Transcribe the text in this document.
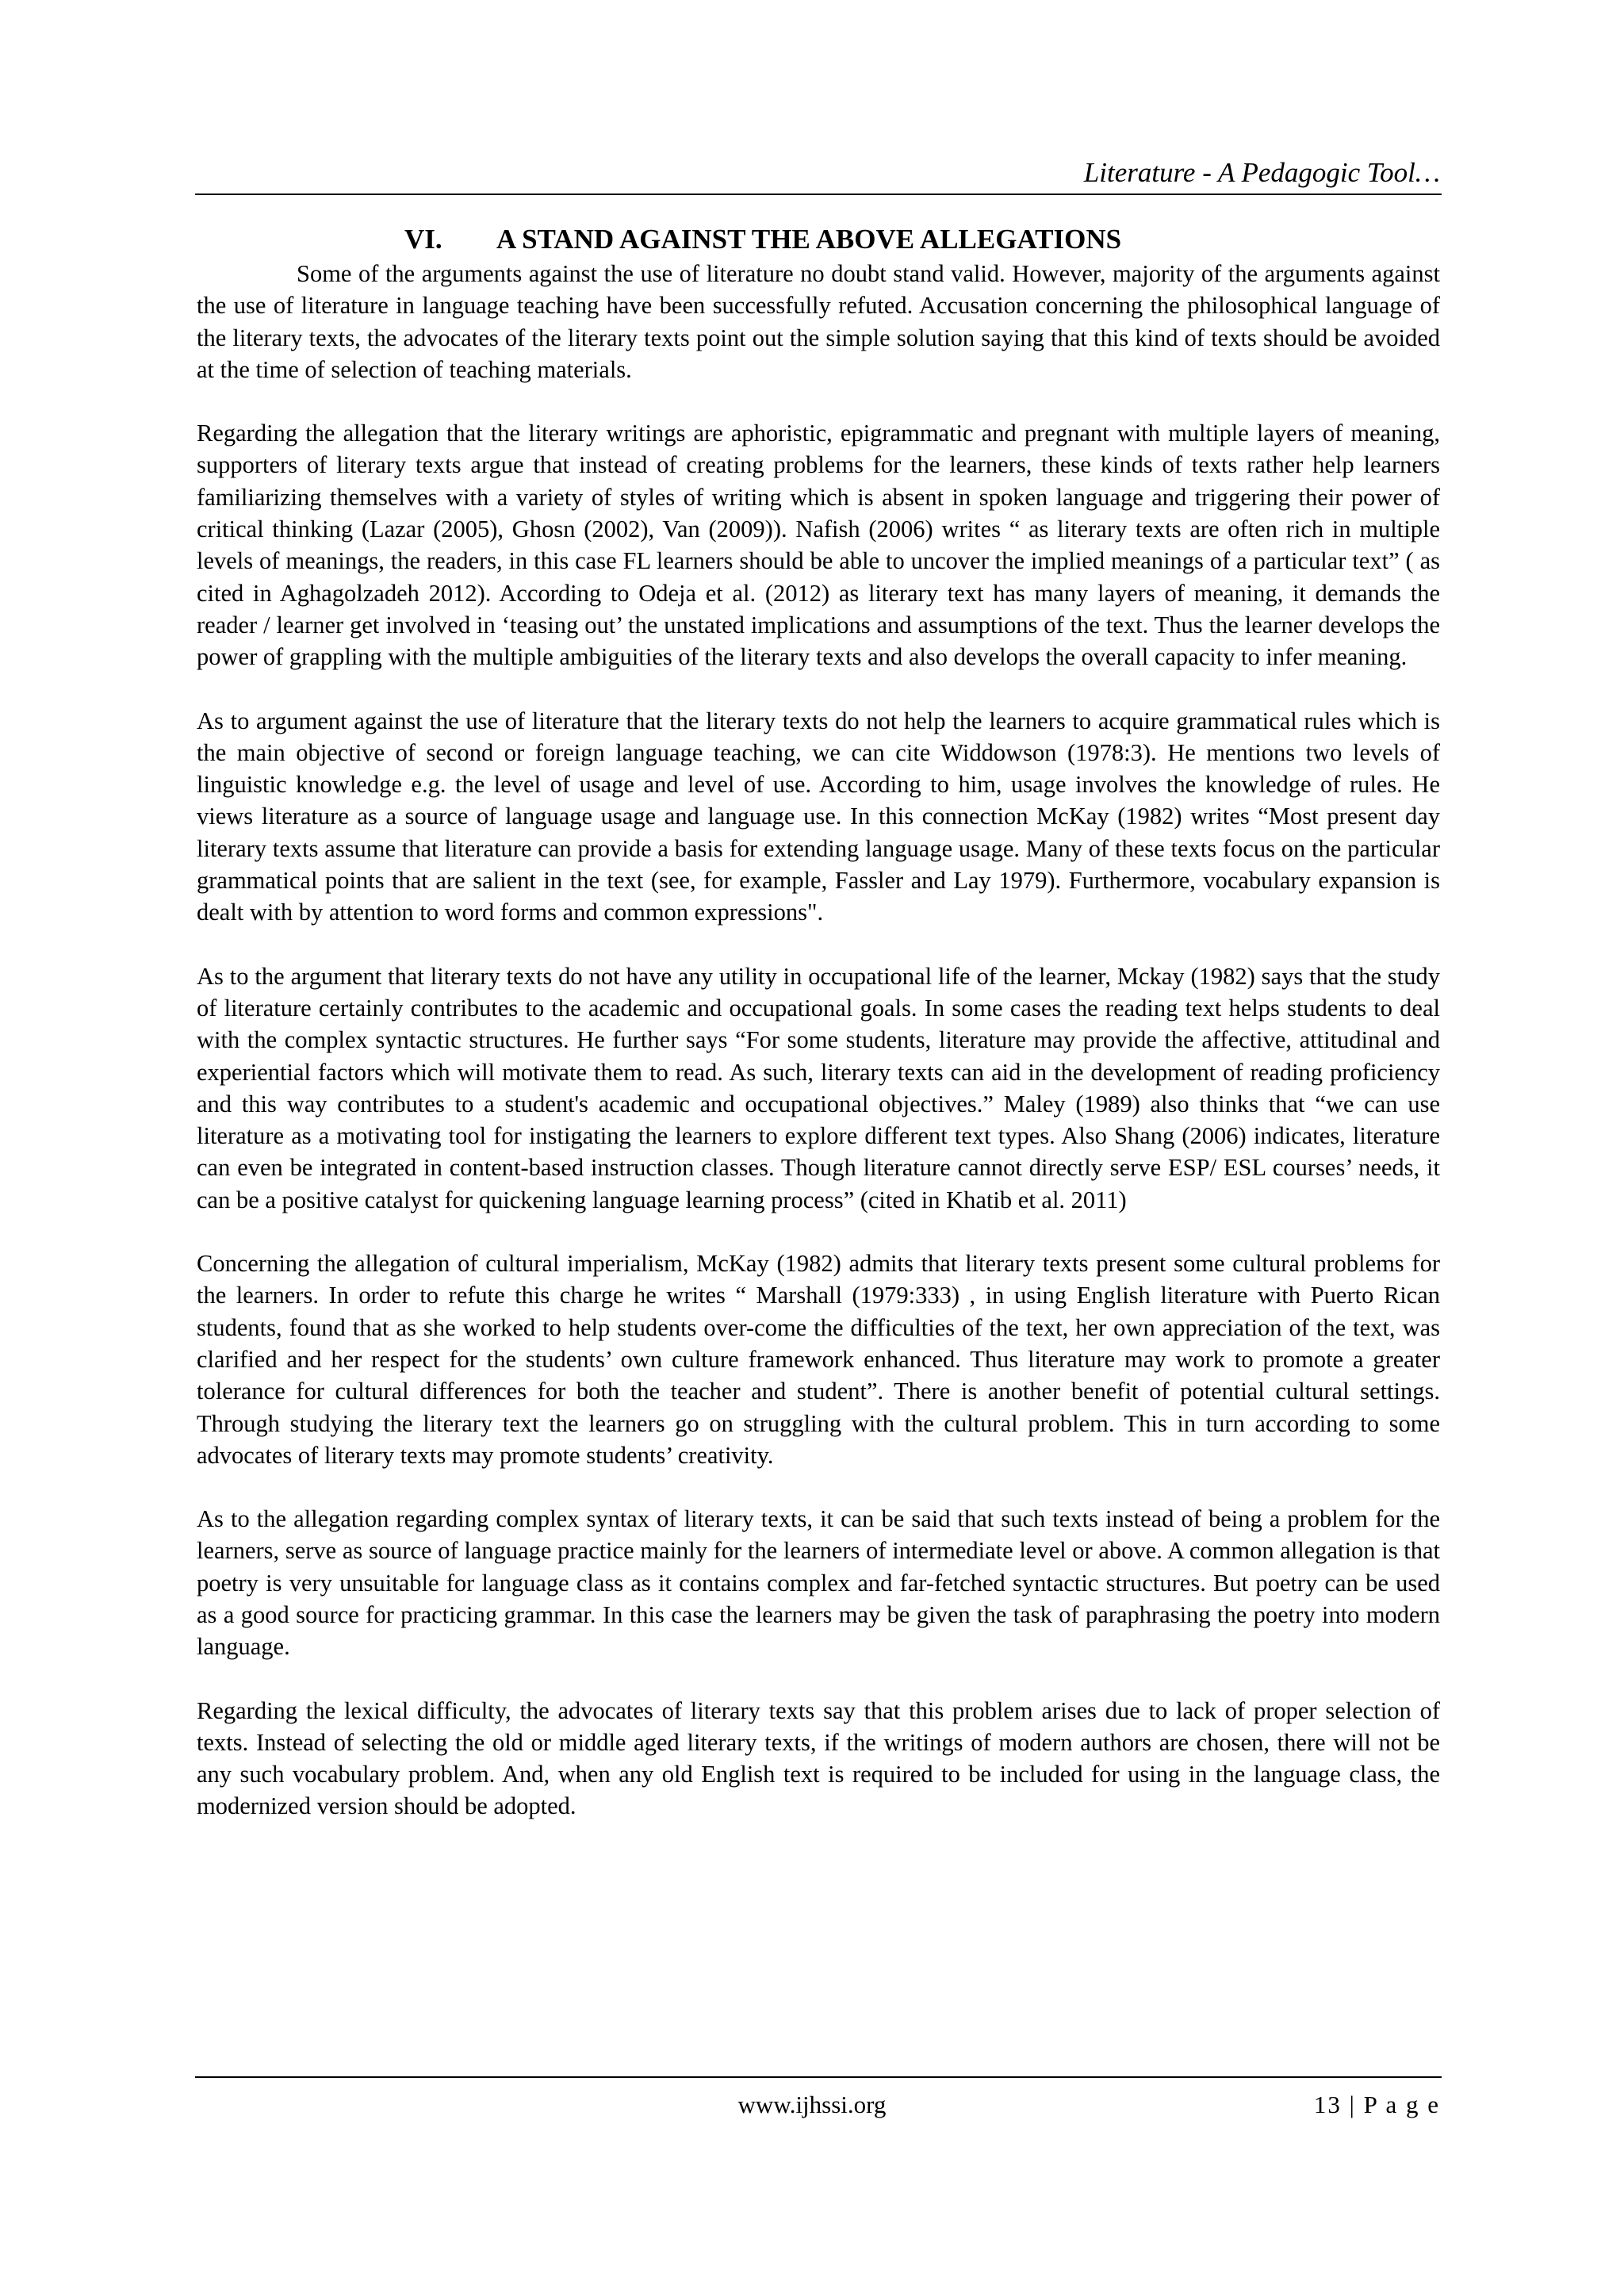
Literature - A Pedagogic Tool…
VI. A STAND AGAINST THE ABOVE ALLEGATIONS

Some of the arguments against the use of literature no doubt stand valid. However, majority of the arguments against the use of literature in language teaching have been successfully refuted. Accusation concerning the philosophical language of the literary texts, the advocates of the literary texts point out the simple solution saying that this kind of texts should be avoided at the time of selection of teaching materials.

Regarding the allegation that the literary writings are aphoristic, epigrammatic and pregnant with multiple layers of meaning, supporters of literary texts argue that instead of creating problems for the learners, these kinds of texts rather help learners familiarizing themselves with a variety of styles of writing which is absent in spoken language and triggering their power of critical thinking (Lazar (2005), Ghosn (2002), Van (2009)). Nafish (2006) writes “ as literary texts are often rich in multiple levels of meanings, the readers, in this case FL learners should be able to uncover the implied meanings of a particular text” ( as cited in Aghagolzadeh 2012). According to Odeja et al. (2012) as literary text has many layers of meaning, it demands the reader / learner get involved in ‘teasing out’ the unstated implications and assumptions of the text. Thus the learner develops the power of grappling with the multiple ambiguities of the literary texts and also develops the overall capacity to infer meaning.

As to argument against the use of literature that the literary texts do not help the learners to acquire grammatical rules which is the main objective of second or foreign language teaching, we can cite Widdowson (1978:3). He mentions two levels of linguistic knowledge e.g. the level of usage and level of use. According to him, usage involves the knowledge of rules. He views literature as a source of language usage and language use. In this connection McKay (1982) writes “Most present day literary texts assume that literature can provide a basis for extending language usage. Many of these texts focus on the particular grammatical points that are salient in the text (see, for example, Fassler and Lay 1979). Furthermore, vocabulary expansion is dealt with by attention to word forms and common expressions".

As to the argument that literary texts do not have any utility in occupational life of the learner, Mckay (1982) says that the study of literature certainly contributes to the academic and occupational goals. In some cases the reading text helps students to deal with the complex syntactic structures. He further says “For some students, literature may provide the affective, attitudinal and experiential factors which will motivate them to read. As such, literary texts can aid in the development of reading proficiency and this way contributes to a student's academic and occupational objectives.” Maley (1989) also thinks that “we can use literature as a motivating tool for instigating the learners to explore different text types. Also Shang (2006) indicates, literature can even be integrated in content-based instruction classes. Though literature cannot directly serve ESP/ ESL courses’ needs, it can be a positive catalyst for quickening language learning process” (cited in Khatib et al. 2011)

Concerning the allegation of cultural imperialism, McKay (1982) admits that literary texts present some cultural problems for the learners. In order to refute this charge he writes “ Marshall (1979:333) , in using English literature with Puerto Rican students, found that as she worked to help students over-come the difficulties of the text, her own appreciation of the text, was clarified and her respect for the students’ own culture framework enhanced. Thus literature may work to promote a greater tolerance for cultural differences for both the teacher and student”. There is another benefit of potential cultural settings. Through studying the literary text the learners go on struggling with the cultural problem. This in turn according to some advocates of literary texts may promote students’ creativity.

As to the allegation regarding complex syntax of literary texts, it can be said that such texts instead of being a problem for the learners, serve as source of language practice mainly for the learners of intermediate level or above. A common allegation is that poetry is very unsuitable for language class as it contains complex and far-fetched syntactic structures. But poetry can be used as a good source for practicing grammar. In this case the learners may be given the task of paraphrasing the poetry into modern language.

Regarding the lexical difficulty, the advocates of literary texts say that this problem arises due to lack of proper selection of texts. Instead of selecting the old or middle aged literary texts, if the writings of modern authors are chosen, there will not be any such vocabulary problem. And, when any old English text is required to be included for using in the language class, the modernized version should be adopted.

www.ijhssi.org	13 | P a g e
